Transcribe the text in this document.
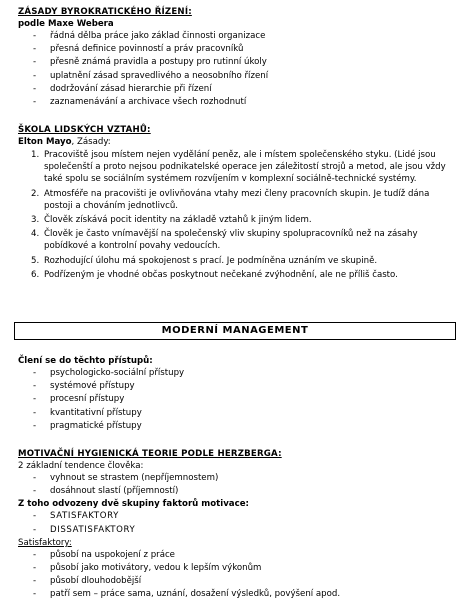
ZÁSADY BYROKRATICKÉHO ŘÍZENÍ:
podle Maxe Webera
- řádná dělba práce jako základ činnosti organizace
- přesná definice povinností a práv pracovníků
- přesně známá pravidla a postupy pro rutinní úkoly
- uplatnění zásad spravedlivého a neosobního řízení
- dodržování zásad hierarchie při řízení
- zaznamenávání a archivace všech rozhodnutí
ŠKOLA LIDSKÝCH VZTAHŮ:
Elton Mayo, Zásady:
1. Pracoviště jsou místem nejen vydělání peněz, ale i místem společenského styku. (Lidé jsou společenští a proto nejsou podnikatelské operace jen záležitostí strojů a metod, ale jsou vždy také spolu se sociálním systémem rozvíjením v komplexní sociálně-technické systémy.
2. Atmosféře na pracovišti je ovlivňována vtahy mezi členy pracovních skupin. Je tudíž dána postoji a chováním jednotlivců.
3. Člověk získává pocit identity na základě vztahů k jiným lidem.
4. Člověk je často vnímavější na společenský vliv skupiny spolupracovníků než na zásahy pobídkové a kontrolní povahy vedoucích.
5. Rozhodující úlohu má spokojenost s prací. Je podmíněna uznáním ve skupině.
6. Podřízeným je vhodné občas poskytnout nečekané zvýhodnění, ale ne příliš často.
MODERNÍ MANAGEMENT
Člení se do těchto přístupů:
- psychologicko-sociální přístupy
- systémové přístupy
- procesní přístupy
- kvantitativní přístupy
- pragmatické přístupy
MOTIVAČNÍ HYGIENICKÁ TEORIE PODLE HERZBERGA:
2 základní tendence člověka:
- vyhnout se strastem (nepříjemnostem)
- dosáhnout slastí (příjemností)
Z toho odvozeny dvě skupiny faktorů motivace:
- SATISFAKTORY
- DISSATISFAKTORY
Satisfaktory:
- působí na uspokojení z práce
- působí jako motivátory, vedou k lepším výkonům
- působí dlouhodobější
- patří sem – práce sama, uznání, dosažení výsledků, povýšení apod.
